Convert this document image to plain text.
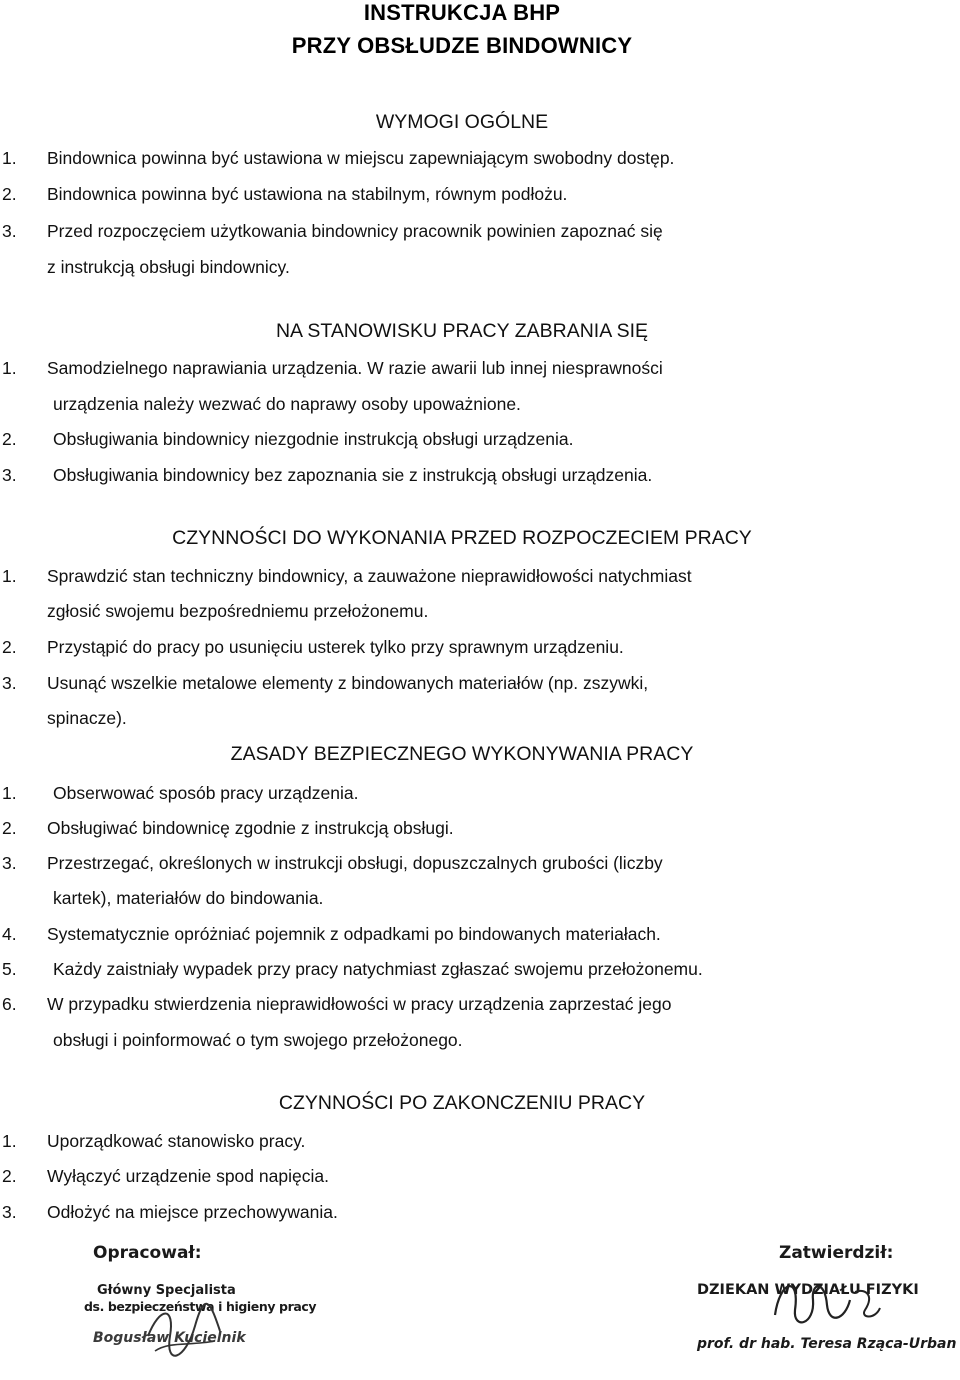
INSTRUKCJA BHP
PRZY OBSŁUDZE BINDOWNICY
WYMOGI OGÓLNE
1. Bindownica powinna być ustawiona w miejscu zapewniającym swobodny dostęp.
2. Bindownica powinna być ustawiona na stabilnym, równym podłożu.
3. Przed rozpoczęciem użytkowania bindownicy pracownik powinien zapoznać się
z instrukcją obsługi bindownicy.
NA STANOWISKU PRACY ZABRANIA SIĘ
1. Samodzielnego naprawiania urządzenia. W razie awarii lub innej niesprawności
urządzenia należy wezwać do naprawy osoby upoważnione.
2. Obsługiwania bindownicy niezgodnie instrukcją obsługi urządzenia.
3. Obsługiwania bindownicy bez zapoznania sie z instrukcją obsługi urządzenia.
CZYNNOŚCI DO WYKONANIA PRZED ROZPOCZECIEM PRACY
1. Sprawdzić stan techniczny bindownicy, a zauważone nieprawidłowości natychmiast
zgłosić swojemu bezpośredniemu przełożonemu.
2. Przystąpić do pracy po usunięciu usterek tylko przy sprawnym urządzeniu.
3. Usunąć wszelkie metalowe elementy z bindowanych materiałów (np. zszywki,
spinacze).
ZASADY BEZPIECZNEGO WYKONYWANIA PRACY
1. Obserwować sposób pracy urządzenia.
2. Obsługiwać bindownicę zgodnie z instrukcją obsługi.
3. Przestrzegać, określonych w instrukcji obsługi, dopuszczalnych grubości (liczby
kartek), materiałów do bindowania.
4. Systematycznie opróżniać pojemnik z odpadkami po bindowanych materiałach.
5. Każdy zaistniały wypadek przy pracy natychmiast zgłaszać swojemu przełożonemu.
6. W przypadku stwierdzenia nieprawidłowości w pracy urządzenia zaprzestać jego
obsługi i poinformować o tym swojego przełożonego.
CZYNNOŚCI PO ZAKONCZENIU PRACY
1. Uporządkować stanowisko pracy.
2. Wyłączyć urządzenie spod napięcia.
3. Odłożyć na miejsce przechowywania.
Opracował:
Główny Specjalista
ds. bezpieczeństwa i higieny pracy
Bogusław Kucielnik
Zatwierdził:
DZIEKAN WYDZIAŁU FIZYKI
prof. dr hab. Teresa Rząca-Urban
